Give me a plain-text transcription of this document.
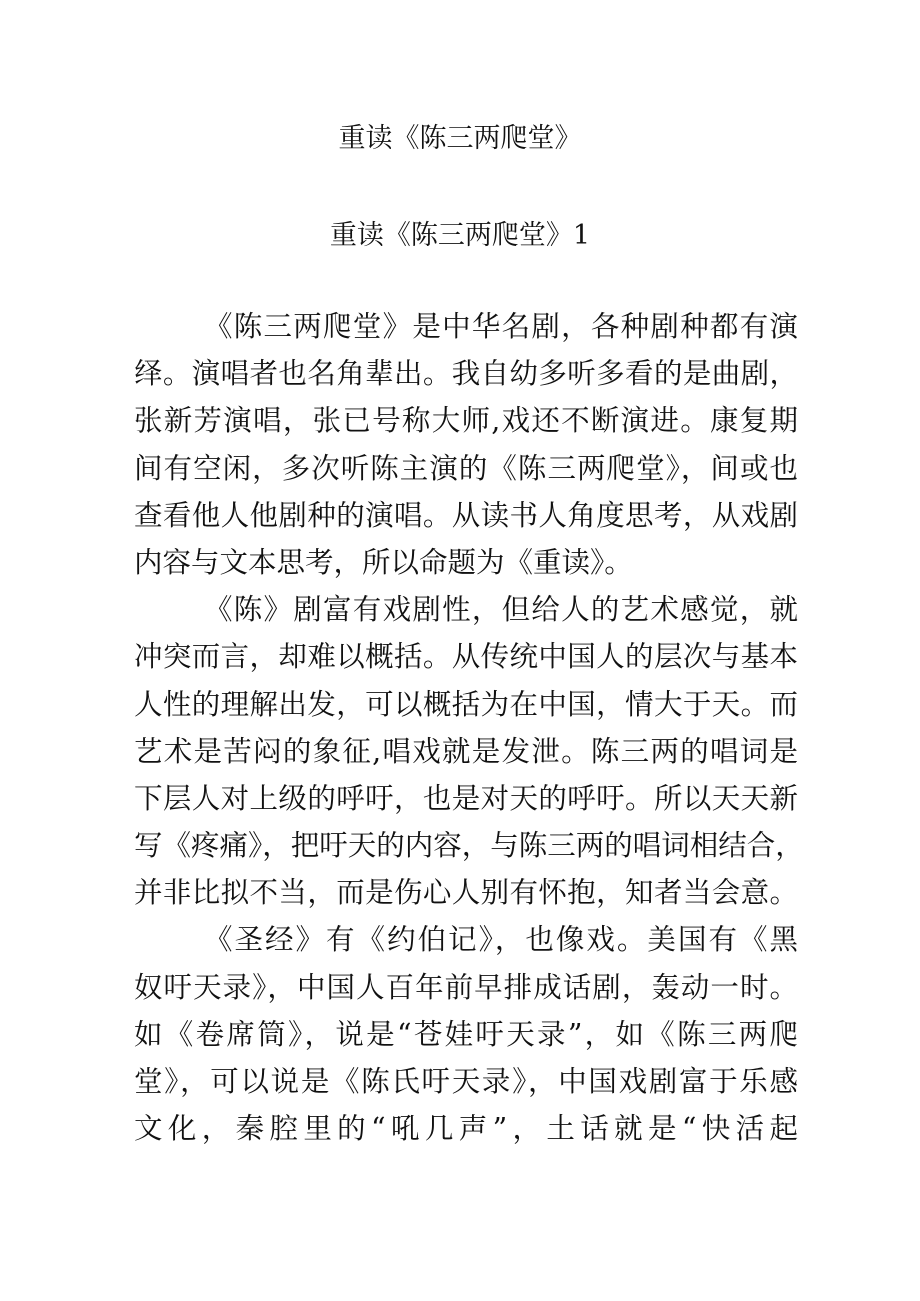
重读《陈三两爬堂》
重读《陈三两爬堂》1
《陈三两爬堂》是中华名剧，各种剧种都有演
绎。演唱者也名角辈出。我自幼多听多看的是曲剧，
张新芳演唱，张已号称大师,戏还不断演进。康复期
间有空闲，多次听陈主演的《陈三两爬堂》，间或也
查看他人他剧种的演唱。从读书人角度思考，从戏剧
内容与文本思考，所以命题为《重读》。
《陈》剧富有戏剧性，但给人的艺术感觉，就
冲突而言，却难以概括。从传统中国人的层次与基本
人性的理解出发，可以概括为在中国，情大于天。而
艺术是苦闷的象征,唱戏就是发泄。陈三两的唱词是
下层人对上级的呼吁，也是对天的呼吁。所以天天新
写《疼痛》，把吁天的内容，与陈三两的唱词相结合，
并非比拟不当，而是伤心人别有怀抱，知者当会意。
《圣经》有《约伯记》，也像戏。美国有《黑
奴吁天录》，中国人百年前早排成话剧，轰动一时。
如《卷席筒》，说是“苍娃吁天录”，如《陈三两爬
堂》，可以说是《陈氏吁天录》，中国戏剧富于乐感
文化，秦腔里的“吼几声”，土话就是“快活起
